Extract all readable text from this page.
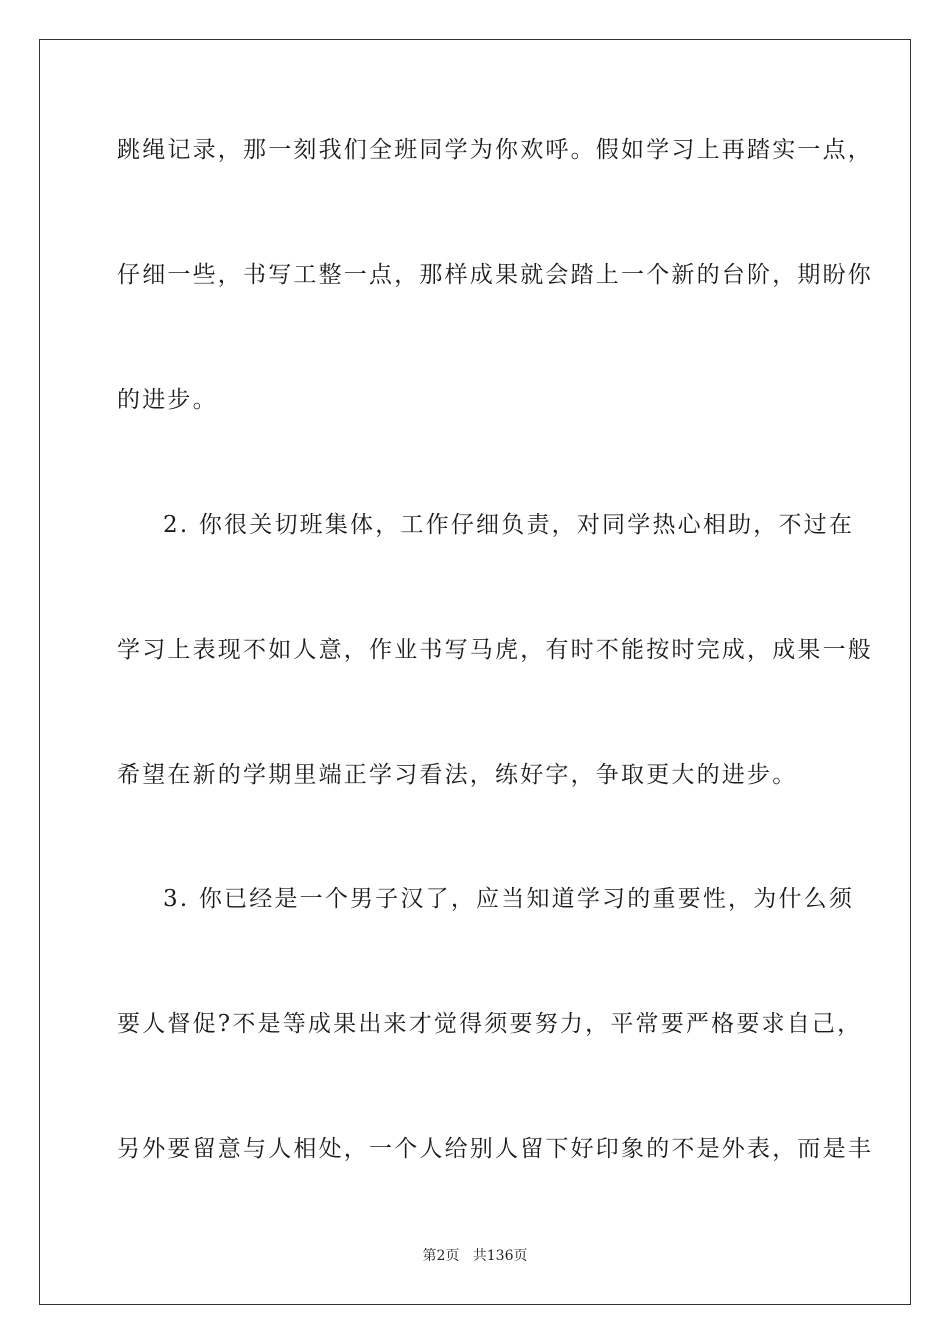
跳绳记录，那一刻我们全班同学为你欢呼。假如学习上再踏实一点，
仔细一些，书写工整一点，那样成果就会踏上一个新的台阶，期盼你
的进步。
2. 你很关切班集体，工作仔细负责，对同学热心相助，不过在
学习上表现不如人意，作业书写马虎，有时不能按时完成，成果一般
希望在新的学期里端正学习看法，练好字，争取更大的进步。
3. 你已经是一个男子汉了，应当知道学习的重要性，为什么须
要人督促?不是等成果出来才觉得须要努力，平常要严格要求自己，
另外要留意与人相处，一个人给别人留下好印象的不是外表，而是丰
第2页 共136页
